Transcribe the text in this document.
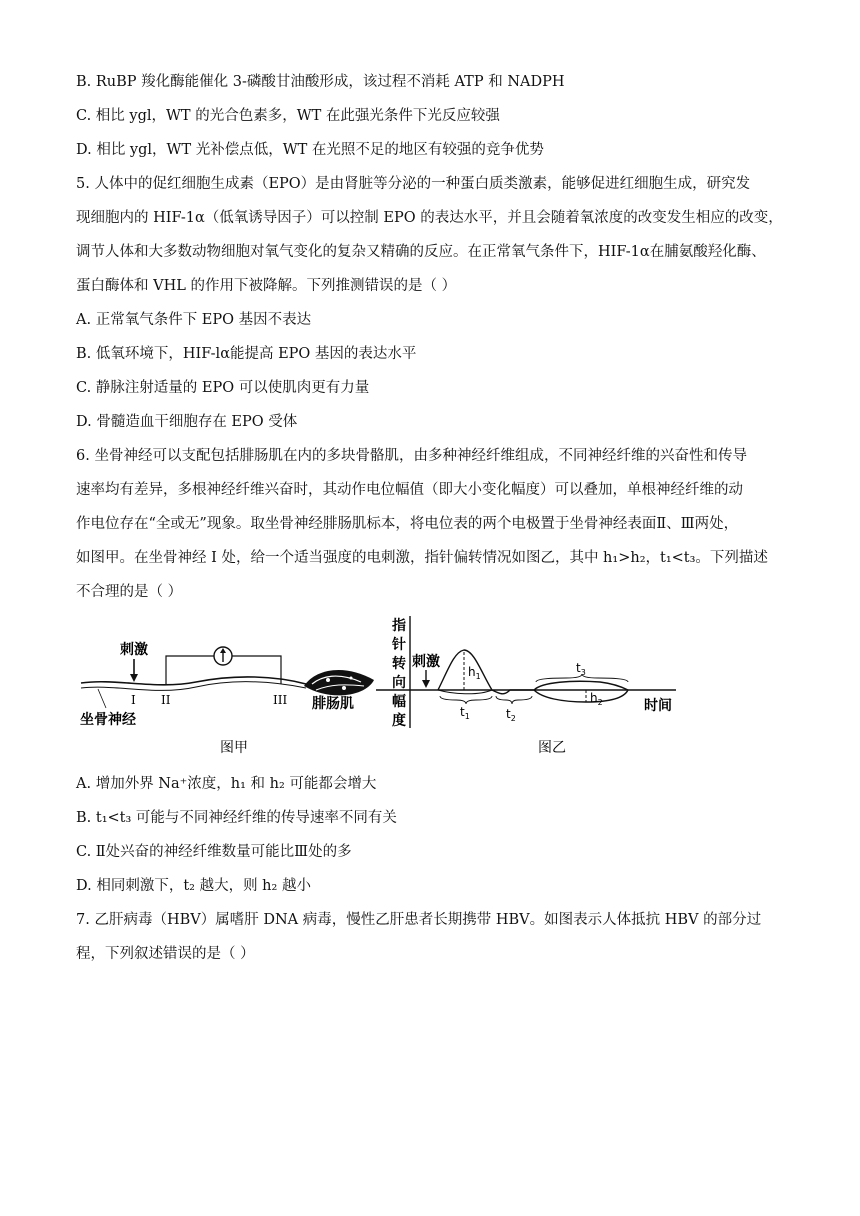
B. RuBP 羧化酶能催化 3-磷酸甘油酸形成，该过程不消耗 ATP 和 NADPH
C. 相比 ygl，WT 的光合色素多，WT 在此强光条件下光反应较强
D. 相比 ygl，WT 光补偿点低，WT 在光照不足的地区有较强的竞争优势
5. 人体中的促红细胞生成素（EPO）是由肾脏等分泌的一种蛋白质类激素，能够促进红细胞生成，研究发
现细胞内的 HIF-1α（低氧诱导因子）可以控制 EPO 的表达水平，并且会随着氧浓度的改变发生相应的改变，
调节人体和大多数动物细胞对氧气变化的复杂又精确的反应。在正常氧气条件下，HIF-1α在脯氨酸羟化酶、
蛋白酶体和 VHL 的作用下被降解。下列推测错误的是（ ）
A. 正常氧气条件下 EPO 基因不表达
B. 低氧环境下，HIF-lα能提高 EPO 基因的表达水平
C. 静脉注射适量的 EPO 可以使肌肉更有力量
D. 骨髓造血干细胞存在 EPO 受体
6. 坐骨神经可以支配包括腓肠肌在内的多块骨骼肌，由多种神经纤维组成，不同神经纤维的兴奋性和传导
速率均有差异，多根神经纤维兴奋时，其动作电位幅值（即大小变化幅度）可以叠加，单根神经纤维的动
作电位存在“全或无”现象。取坐骨神经腓肠肌标本，将电位表的两个电极置于坐骨神经表面Ⅱ、Ⅲ两处，
如图甲。在坐骨神经 I 处，给一个适当强度的电刺激，指针偏转情况如图乙，其中 h₁>h₂，t₁<t₃。下列描述
不合理的是（ ）
A. 增加外界 Na⁺浓度，h₁ 和 h₂ 可能都会增大
B. t₁<t₃ 可能与不同神经纤维的传导速率不同有关
C. Ⅱ处兴奋的神经纤维数量可能比Ⅲ处的多
D. 相同刺激下，t₂ 越大，则 h₂ 越小
7. 乙肝病毒（HBV）属嗜肝 DNA 病毒，慢性乙肝患者长期携带 HBV。如图表示人体抵抗 HBV 的部分过
程，下列叙述错误的是（ ）
刺激
I II	III 腓肠肌
坐骨神经
图甲
指
针
转
向
幅
度
刺激
$h_1$
$h_2$
$t_1$	$t_2$
$t_3$
时间
图乙
